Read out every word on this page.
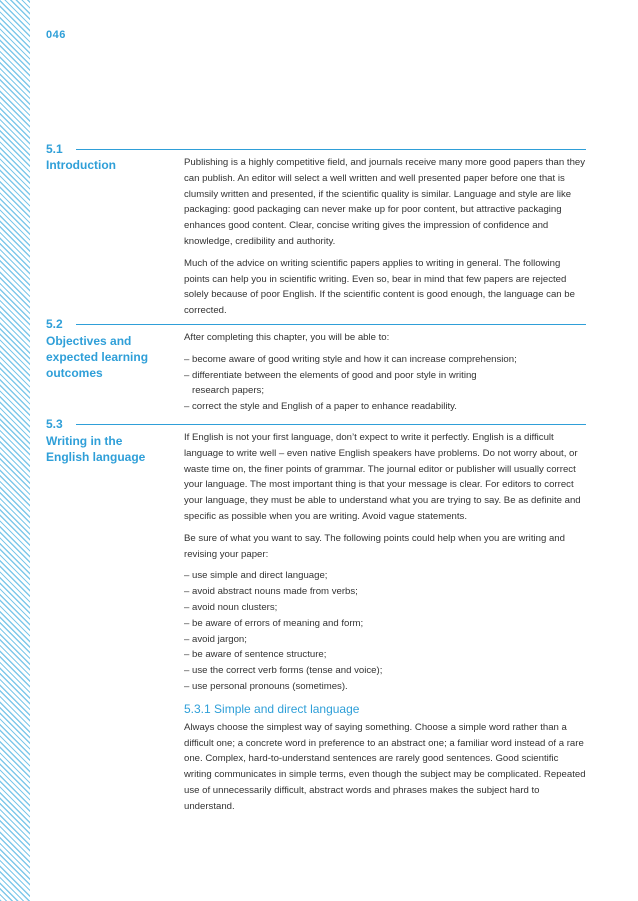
046
5.1
Introduction	Publishing is a highly competitive field, and journals receive many more good papers than they can publish. An editor will select a well written and well presented paper before one that is clumsily written and presented, if the scientific quality is similar. Language and style are like packaging: good packaging can never make up for poor content, but attractive packaging enhances good content. Clear, concise writing gives the impression of confidence and knowledge, credibility and authority.

Much of the advice on writing scientific papers applies to writing in general. The following points can help you in scientific writing. Even so, bear in mind that few papers are rejected solely because of poor English. If the scientific content is good enough, the language can be corrected.

5.2
Objectives and expected learning outcomes

After completing this chapter, you will be able to:

– become aware of good writing style and how it can increase comprehension;
– differentiate between the elements of good and poor style in writing
research papers;
– correct the style and English of a paper to enhance readability.
5.3
Writing in the English language

If English is not your first language, don’t expect to write it perfectly. English is a difficult language to write well – even native English speakers have problems. Do not worry about, or waste time on, the finer points of grammar. The journal editor or publisher will usually correct your language. The most important thing is that your message is clear. For editors to correct your language, they must be able to understand what you are trying to say. Be as definite and specific as possible when you are writing. Avoid vague statements.

Be sure of what you want to say. The following points could help when you are writing and revising your paper:

– use simple and direct language;
– avoid abstract nouns made from verbs;
– avoid noun clusters;
– be aware of errors of meaning and form;
– avoid jargon;
– be aware of sentence structure;
– use the correct verb forms (tense and voice);
– use personal pronouns (sometimes).
5.3.1 Simple and direct language

Always choose the simplest way of saying something. Choose a simple word rather than a difficult one; a concrete word in preference to an abstract one; a familiar word instead of a rare one. Complex, hard-to-understand sentences are rarely good sentences. Good scientific writing communicates in simple terms, even though the subject may be complicated. Repeated use of unnecessarily difficult, abstract words and phrases makes the subject hard to understand.
